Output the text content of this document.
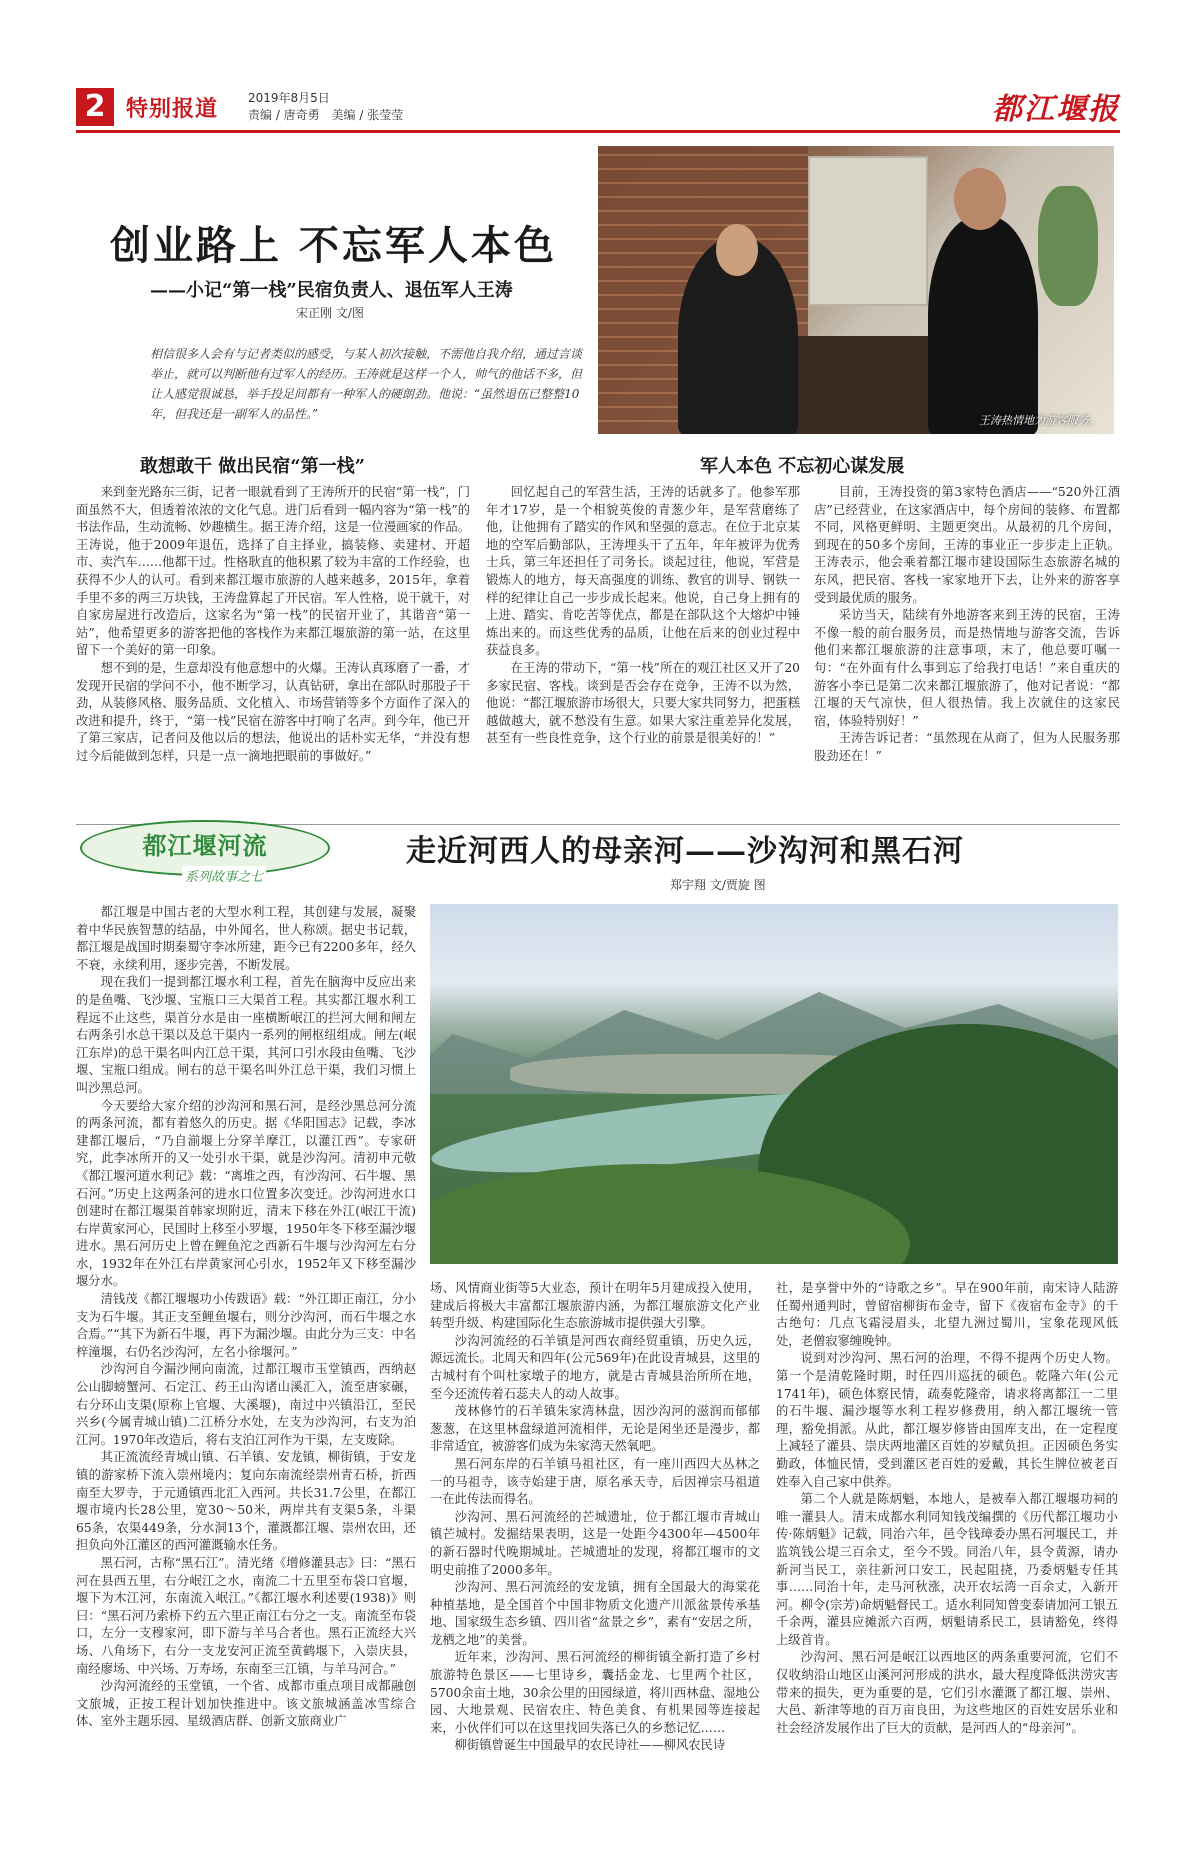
2 特别报道 2019年8月5日
责编 / 唐奇勇 美编 / 张莹莹	都江堰报
创业路上 不忘军人本色
——小记“第一栈”民宿负责人、退伍军人王涛
宋正刚 文/图
相信很多人会有与记者类似的感受，与某人初次接触，不需他自我介绍，通过言谈举止，就可以判断他有过军人的经历。王涛就是这样一个人，帅气的他话不多，但让人感觉很诚恳，举手投足间都有一种军人的硬朗劲。他说：“虽然退伍已整整10年，但我还是一副军人的品性。”	王涛热情地为游客服务。
敢想敢干 做出民宿“第一栈”	军人本色 不忘初心谋发展

来到奎光路东三街，记者一眼就看到了王涛所开的民宿“第一栈”，门面虽然不大，但透着浓浓的文化气息。进门后看到一幅内容为“第一栈”的书法作品，生动流畅、妙趣横生。据王涛介绍，这是一位漫画家的作品。王涛说，他于2009年退伍，选择了自主择业，搞装修、卖建材、开超市、卖汽车……他都干过。性格耿直的他积累了较为丰富的工作经验，也获得不少人的认可。看到来都江堰市旅游的人越来越多，2015年，拿着手里不多的两三万块钱，王涛盘算起了开民宿。军人性格，说干就干，对自家房屋进行改造后，这家名为“第一栈”的民宿开业了，其谐音“第一站”，他希望更多的游客把他的客栈作为来都江堰旅游的第一站，在这里留下一个美好的第一印象。

想不到的是，生意却没有他意想中的火爆。王涛认真琢磨了一番，才发现开民宿的学问不小，他不断学习，认真钻研，拿出在部队时那股子干劲，从装修风格、服务品质、文化植入、市场营销等多个方面作了深入的改进和提升，终于，“第一栈”民宿在游客中打响了名声。到今年，他已开了第三家店，记者问及他以后的想法，他说出的话朴实无华，“并没有想过今后能做到怎样，只是一点一滴地把眼前的事做好。”

回忆起自己的军营生活，王涛的话就多了。他参军那年才17岁，是一个相貌英俊的青葱少年，是军营磨练了他，让他拥有了踏实的作风和坚强的意志。在位于北京某地的空军后勤部队，王涛埋头干了五年，年年被评为优秀士兵，第三年还担任了司务长。谈起过往，他说，军营是锻炼人的地方，每天高强度的训练、教官的训导、钢铁一样的纪律让自己一步步成长起来。他说，自己身上拥有的上进、踏实、肯吃苦等优点，都是在部队这个大熔炉中锤炼出来的。而这些优秀的品质，让他在后来的创业过程中获益良多。

在王涛的带动下，“第一栈”所在的观江社区又开了20多家民宿、客栈。谈到是否会存在竞争，王涛不以为然，他说：“都江堰旅游市场很大，只要大家共同努力，把蛋糕越做越大，就不愁没有生意。如果大家注重差异化发展，甚至有一些良性竞争，这个行业的前景是很美好的！”

目前，王涛投资的第3家特色酒店——“520外江酒店”已经营业，在这家酒店中，每个房间的装修、布置都不同，风格更鲜明、主题更突出。从最初的几个房间，到现在的50多个房间，王涛的事业正一步步走上正轨。王涛表示，他会乘着都江堰市建设国际生态旅游名城的东风，把民宿、客栈一家家地开下去，让外来的游客享受到最优质的服务。

采访当天，陆续有外地游客来到王涛的民宿，王涛不像一般的前台服务员，而是热情地与游客交流，告诉他们来都江堰旅游的注意事项，末了，他总要叮嘱一句：“在外面有什么事到忘了给我打电话！”来自重庆的游客小李已是第二次来都江堰旅游了，他对记者说：“都江堰的天气凉快，但人很热情。我上次就住的这家民宿，体验特别好！”

王涛告诉记者：“虽然现在从商了，但为人民服务那股劲还在！”

都江堰河流
系列故事之七
走近河西人的母亲河——沙沟河和黑石河
郑宇翔 文/贾旋 图

都江堰是中国古老的大型水利工程，其创建与发展，凝聚着中华民族智慧的结晶，中外闻名，世人称颂。据史书记载，都江堰是战国时期秦蜀守李冰所建，距今已有2200多年，经久不衰，永续利用，逐步完善，不断发展。

现在我们一提到都江堰水利工程，首先在脑海中反应出来的是鱼嘴、飞沙堰、宝瓶口三大渠首工程。其实都江堰水利工程远不止这些，渠首分水是由一座横断岷江的拦河大闸和闸左右两条引水总干渠以及总干渠内一系列的闸枢纽组成。闸左(岷江东岸)的总干渠名叫内江总干渠，其河口引水段由鱼嘴、飞沙堰、宝瓶口组成。闸右的总干渠名叫外江总干渠，我们习惯上叫沙黑总河。

今天要给大家介绍的沙沟河和黑石河，是经沙黑总河分流的两条河流，都有着悠久的历史。据《华阳国志》记载，李冰建都江堰后，“乃自湔堰上分穿羊摩江，以灌江西”。专家研究，此李冰所开的又一处引水干渠，就是沙沟河。清初申元敬《都江堰河道水利记》载：“离堆之西，有沙沟河、石牛堰、黑石河。”历史上这两条河的进水口位置多次变迁。沙沟河进水口创建时在都江堰渠首韩家坝附近，清末下移在外江(岷江干流)右岸黄家河心，民国时上移至小罗堰，1950年冬下移至漏沙堰进水。黑石河历史上曾在鲤鱼沱之西新石牛堰与沙沟河左右分水，1932年在外江右岸黄家河心引水，1952年又下移至漏沙堰分水。

清钱茂《都江堰堰功小传跋语》载：“外江即正南江，分小支为石牛堰。其正支至鲤鱼堰右，则分沙沟河，而石牛堰之水合焉。”“其下为新石牛堰，再下为漏沙堰。由此分为三支：中名梓潼堰，右仍名沙沟河，左名小徐堰河。”

沙沟河自今漏沙闸向南流，过都江堰市玉堂镇西，西纳赵公山脚螃蟹河、石定江、药王山沟诸山溪汇入，流至唐家碾，右分环山支渠(原称上官堰、大溪堰)，南过中兴镇沿江，至民兴乡(今属青城山镇)二江桥分水处，左支为沙沟河，右支为泊江河。1970年改造后，将右支泊江河作为干渠，左支废除。

其正流流经青城山镇、石羊镇、安龙镇，柳街镇，于安龙镇的游家桥下流入崇州境内；复向东南流经崇州青石桥，折西南至大罗寺，于元通镇西北汇入西河。共长31.7公里，在都江堰市境内长28公里，宽30～50米，两岸共有支渠5条，斗渠65条，农渠449条，分水洞13个，灌溉都江堰、崇州农田，还担负向外江灌区的西河灌溉输水任务。

黑石河，古称“黑石江”。清光绪《增修灌县志》曰：“黑石河在县西五里，右分岷江之水，南流二十五里至布袋口官堰，堰下为木江河，东南流入岷江。”《都江堰水利述要(1938)》则曰：“黑石河乃索桥下约五六里正南江右分之一支。南流至布袋口，左分一支穆家河，即下游与羊马合者也。黑石正流经大兴场、八角场下，右分一支龙安河正流至黄鹤堰下，入崇庆县，南经廖场、中兴场、万寿场，东南至三江镇，与羊马河合。”

沙沟河流经的玉堂镇，一个省、成都市重点项目成都融创文旅城，正按工程计划加快推进中。该文旅城涵盖冰雪综合体、室外主题乐园、星级酒店群、创新文旅商业广

场、风情商业街等5大业态，预计在明年5月建成投入使用，建成后将极大丰富都江堰旅游内涵，为都江堰旅游文化产业转型升级、构建国际化生态旅游城市提供强大引擎。

沙沟河流经的石羊镇是河西农商经贸重镇，历史久远，源远流长。北周天和四年(公元569年)在此设青城县，这里的古城村有个叫杜家墩子的地方，就是古青城县治所所在地，至今还流传着石蕊夫人的动人故事。

茂林修竹的石羊镇朱家湾林盘，因沙沟河的滋润而郁郁葱葱，在这里林盘绿道河流相伴，无论是闲坐还是漫步，都非常适宜，被游客们成为朱家湾天然氧吧。

黑石河东岸的石羊镇马祖社区，有一座川西四大丛林之一的马祖寺，该寺始建于唐，原名承天寺，后因禅宗马祖道一在此传法而得名。

沙沟河、黑石河流经的芒城遗址，位于都江堰市青城山镇芒城村。发掘结果表明，这是一处距今4300年—4500年的新石器时代晚期城址。芒城遗址的发现，将都江堰市的文明史前推了2000多年。

沙沟河、黑石河流经的安龙镇，拥有全国最大的海棠花种植基地，是全国首个中国非物质文化遗产川派盆景传承基地、国家级生态乡镇、四川省“盆景之乡”，素有“安居之所，龙栖之地”的美誉。

近年来，沙沟河、黑石河流经的柳街镇全新打造了乡村旅游特色景区——七里诗乡，囊括金龙、七里两个社区，5700余亩土地，30余公里的田园绿道，将川西林盘、湿地公园、大地景观、民宿农庄、特色美食、有机果园等连接起来，小伙伴们可以在这里找回失落已久的乡愁记忆……

柳街镇曾诞生中国最早的农民诗社——柳风农民诗

社，是享誉中外的“诗歌之乡”。早在900年前，南宋诗人陆游任蜀州通判时，曾留宿柳街布金寺，留下《夜宿布金寺》的千古绝句：几点飞霜浸眉头，北望九洲过蜀川，宝象花现风低处，老僧寂寥缠晚钟。

说到对沙沟河、黑石河的治理，不得不提两个历史人物。第一个是清乾隆时期，时任四川巡抚的硕色。乾隆六年(公元1741年)，硕色体察民情，疏奏乾隆帝，请求将离都江一二里的石牛堰、漏沙堰等水利工程岁修费用，纳入都江堰统一管理，豁免捐派。从此，都江堰岁修皆由国库支出，在一定程度上减轻了灌县、崇庆两地灌区百姓的岁赋负担。正因硕色务实勤政，体恤民情，受到灌区老百姓的爱戴，其长生牌位被老百姓奉入自己家中供养。

第二个人就是陈炳魁，本地人，是被奉入都江堰堰功祠的唯一灌县人。清末成都水利同知钱茂编撰的《历代都江堰功小传·陈炳魁》记载，同治六年，邑令钱璋委办黑石河堰民工，并监筑钱公堤三百余丈，至今不毁。同治八年，县令黄源，请办新河当民工，亲往新河口安工，民起阻挠，乃委炳魁专任其事……同治十年，走马河秋涨，决开农坛湾一百余丈，入新开河。柳令(宗芳)命炳魁督民工。适水利同知曾变泰请加河工银五千余两，灌县应摊派六百两，炳魁请系民工，县请豁免，终得上级首肯。

沙沟河、黑石河是岷江以西地区的两条重要河流，它们不仅收纳沿山地区山溪河河形成的洪水，最大程度降低洪涝灾害带来的损失，更为重要的是，它们引水灌溉了都江堰、崇州、大邑、新津等地的百万亩良田，为这些地区的百姓安居乐业和社会经济发展作出了巨大的贡献，是河西人的“母亲河”。
